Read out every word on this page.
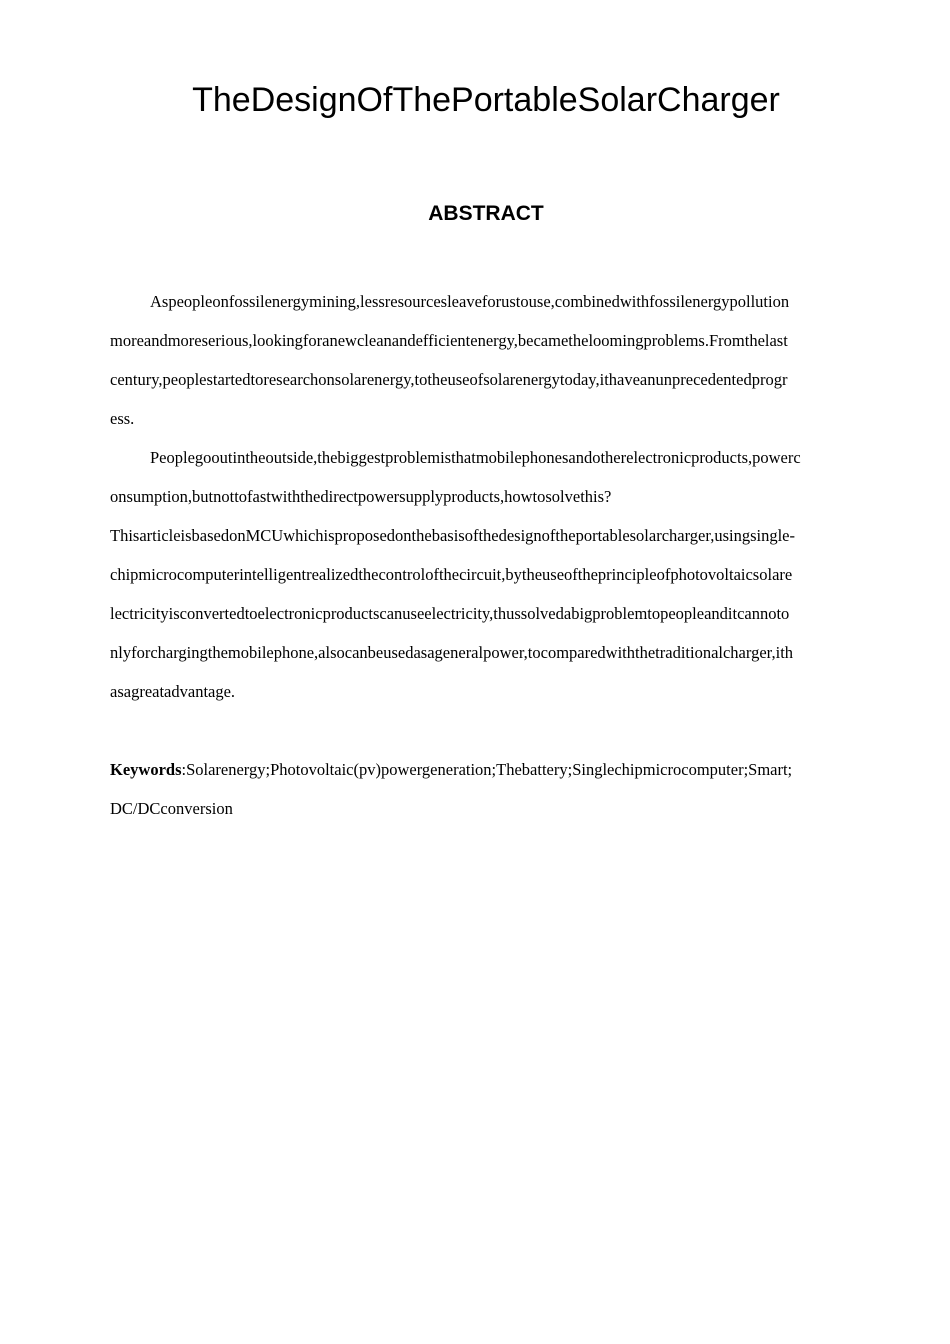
TheDesignOfThePortableSolarCharger
ABSTRACT

Aspeopleonfossilenergymining,lessresourcesleaveforustouse,combinedwithfossilenergypollution

moreandmoreserious,lookingforanewcleanandefficientenergy,becametheloomingproblems.Fromthelast

century,peoplestartedtoresearchonsolarenergy,totheuseofsolarenergytoday,ithaveanunprecedentedprogr

ess.

Peoplegooutintheoutside,thebiggestproblemisthatmobilephonesandotherelectronicproducts,powerc

onsumption,butnottofastwiththedirectpowersupplyproducts,howtosolvethis?

ThisarticleisbasedonMCUwhichisproposedonthebasisofthedesignoftheportablesolarcharger,usingsingle-

chipmicrocomputerintelligentrealizedthecontrolofthecircuit,bytheuseoftheprincipleofphotovoltaicsolare

lectricityisconvertedtoelectronicproductscanuseelectricity,thussolvedabigproblemtopeopleanditcannoto

nlyforchargingthemobilephone,alsocanbeusedasageneralpower,tocomparedwiththetraditionalcharger,ith

asagreatadvantage.

Keywords:Solarenergy;Photovoltaic(pv)powergeneration;Thebattery;Singlechipmicrocomputer;Smart;

DC/DCconversion
